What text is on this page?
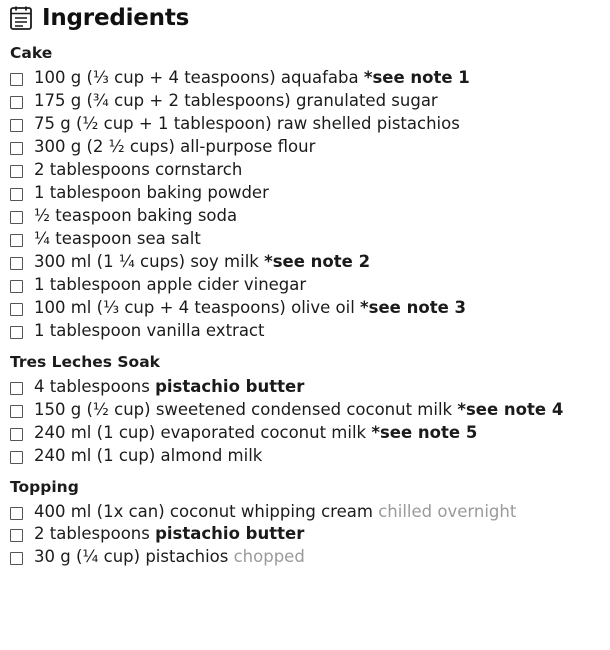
Ingredients
Cake
100 g (⅓ cup + 4 teaspoons) aquafaba *see note 1
175 g (¾ cup + 2 tablespoons) granulated sugar
75 g (½ cup + 1 tablespoon) raw shelled pistachios
300 g (2 ½ cups) all-purpose flour
2 tablespoons cornstarch
1 tablespoon baking powder
½ teaspoon baking soda
¼ teaspoon sea salt
300 ml (1 ¼ cups) soy milk *see note 2
1 tablespoon apple cider vinegar
100 ml (⅓ cup + 4 teaspoons) olive oil *see note 3
1 tablespoon vanilla extract
Tres Leches Soak
4 tablespoons pistachio butter
150 g (½ cup) sweetened condensed coconut milk *see note 4
240 ml (1 cup) evaporated coconut milk *see note 5
240 ml (1 cup) almond milk
Topping
400 ml (1x can) coconut whipping cream chilled overnight
2 tablespoons pistachio butter
30 g (¼ cup) pistachios chopped
